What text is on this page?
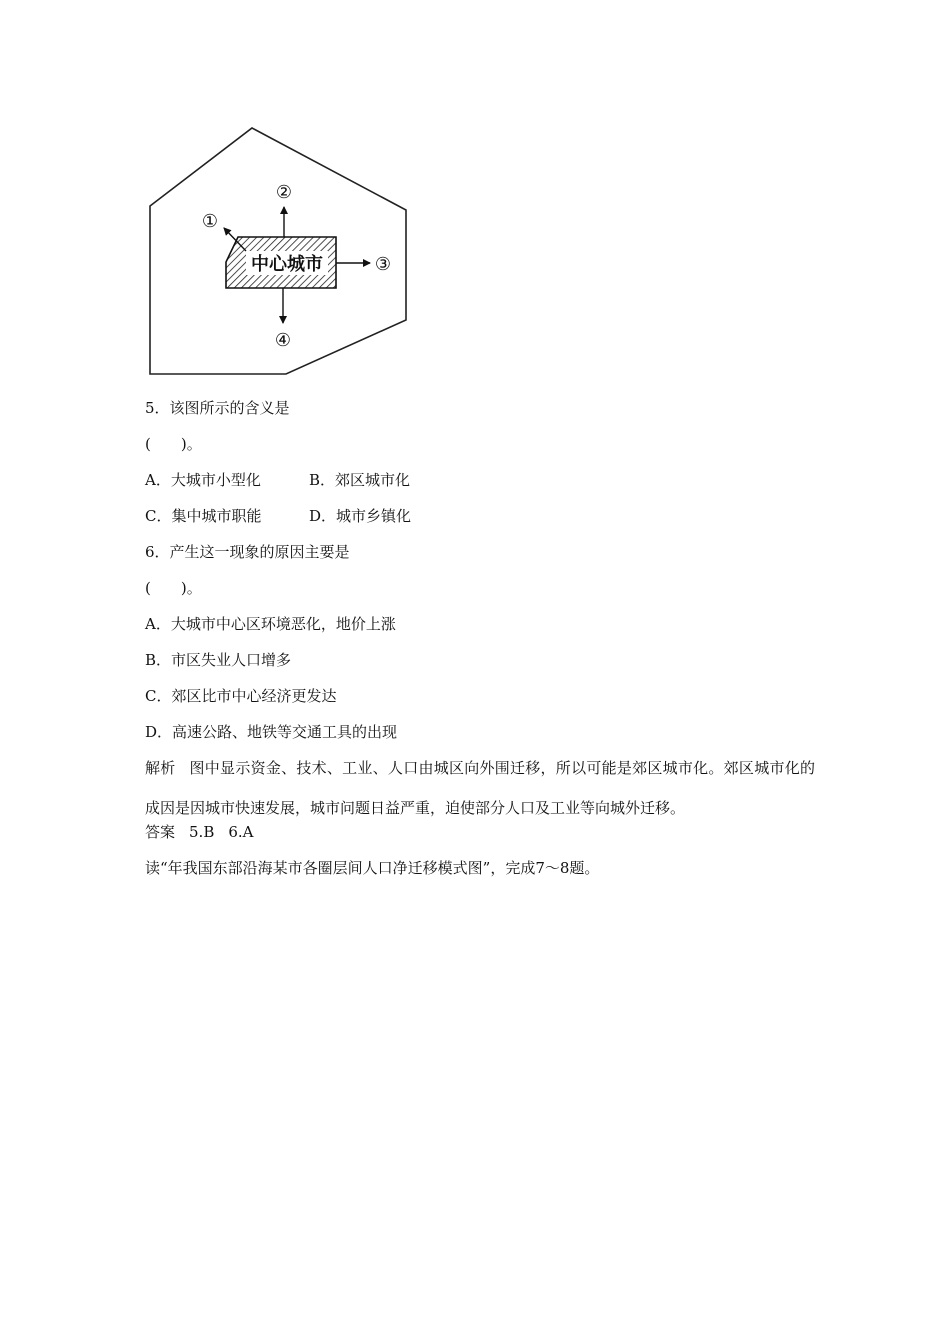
中心城市
①
②
③
④

5．该图所示的含义是

(　　)。

A．大城市小型化	B．郊区城市化
C．集中城市职能	D．城市乡镇化

6．产生这一现象的原因主要是

(　　)。

A．大城市中心区环境恶化，地价上涨

B．市区失业人口增多

C．郊区比市中心经济更发达

D．高速公路、地铁等交通工具的出现

解析 图中显示资金、技术、工业、人口由城区向外围迁移，所以可能是郊区城市化。郊区城市化的成因是因城市快速发展，城市问题日益严重，迫使部分人口及工业等向城外迁移。

答案 5.B 6.A

读“年我国东部沿海某市各圈层间人口净迁移模式图”，完成7～8题。
